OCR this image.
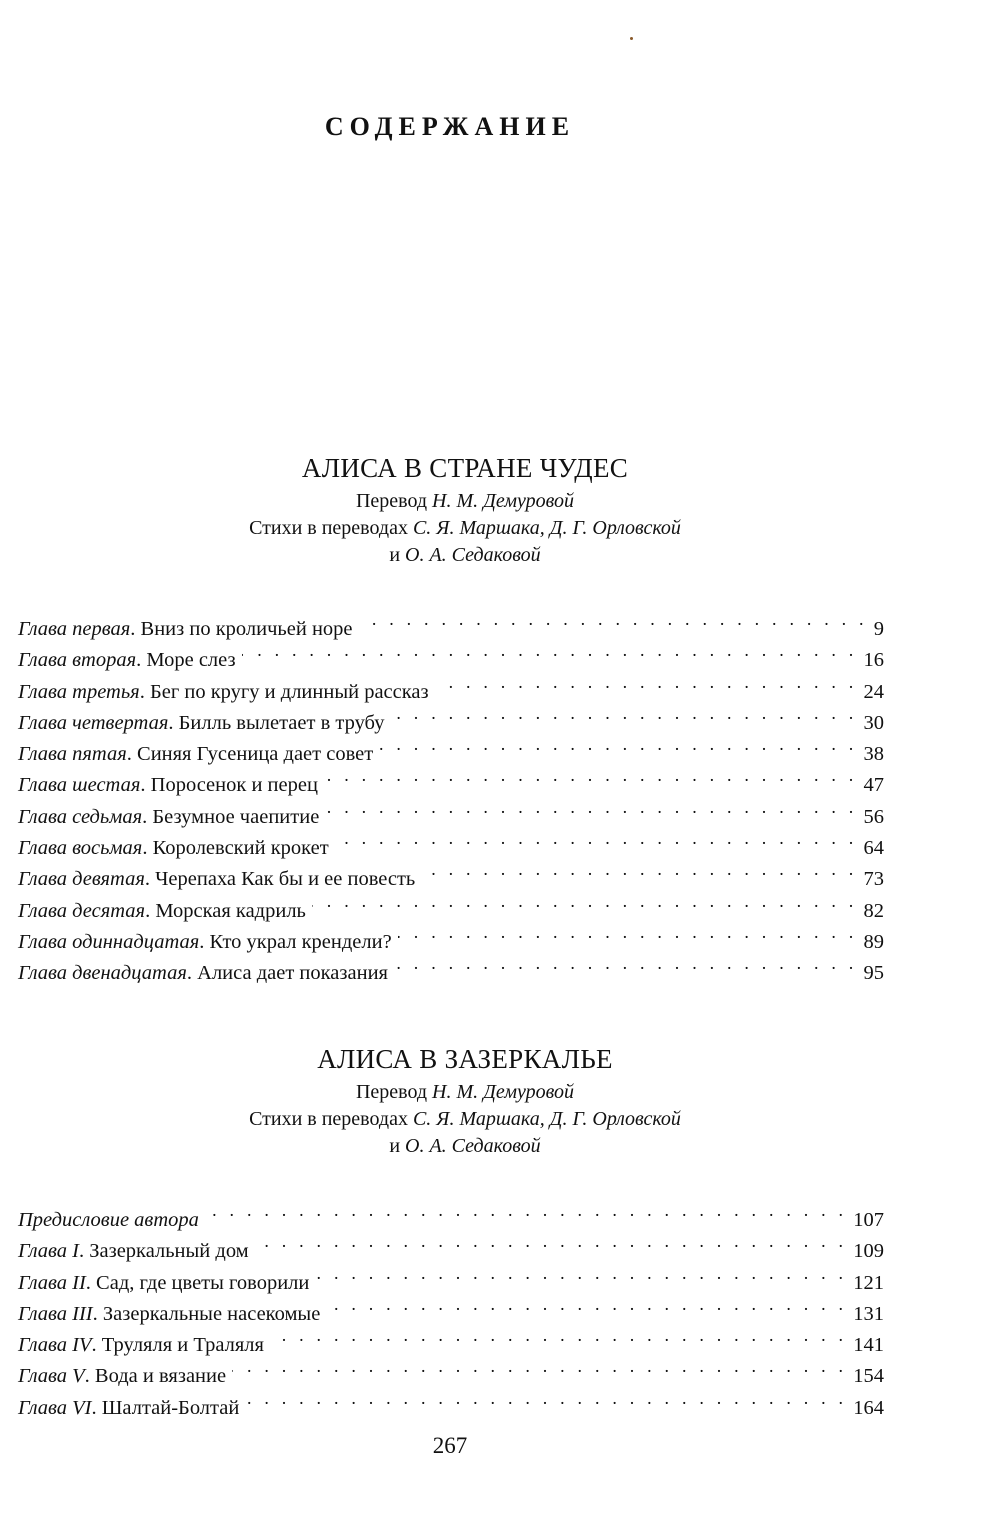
СОДЕРЖАНИЕ
АЛИСА В СТРАНЕ ЧУДЕС
Перевод Н. М. Демуровой
Стихи в переводах С. Я. Маршака, Д. Г. Орловской
и О. А. Седаковой
Глава первая. Вниз по кроличьей норе . . .	9
Глава вторая. Море слез . . .	16
Глава третья. Бег по кругу и длинный рассказ . . .	24
Глава четвертая. Билль вылетает в трубу . . .	30
Глава пятая. Синяя Гусеница дает совет . . .	38
Глава шестая. Поросенок и перец . . .	47
Глава седьмая. Безумное чаепитие . . .	56
Глава восьмая. Королевский крокет . . .	64
Глава девятая. Черепаха Как бы и ее повесть . . .	73
Глава десятая. Морская кадриль . . .	82
Глава одиннадцатая. Кто украл крендели? . . .	89
Глава двенадцатая. Алиса дает показания . . .	95
АЛИСА В ЗАЗЕРКАЛЬЕ
Перевод Н. М. Демуровой
Стихи в переводах С. Я. Маршака, Д. Г. Орловской
и О. А. Седаковой
Предисловие автора . . .	107
Глава I. Зазеркальный дом . . .	109
Глава II. Сад, где цветы говорили . . .	121
Глава III. Зазеркальные насекомые . . .	131
Глава IV. Труляля и Траляля . . .	141
Глава V. Вода и вязание . . .	154
Глава VI. Шалтай-Болтай . . .	164
267
